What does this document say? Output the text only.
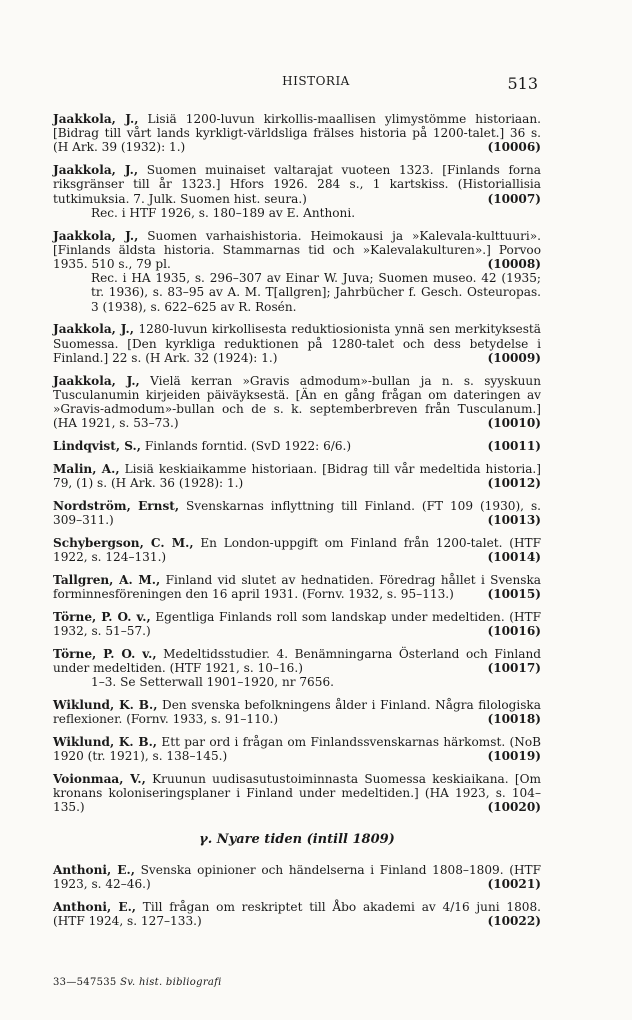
HISTORIA	513
Jaakkola, J., Lisiä 1200-luvun kirkollis-maallisen ylimystömme historiaan. [Bidrag till vårt lands kyrkligt-världsliga frälses historia på 1200-talet.] 36 s. (H Ark. 39 (1932): 1.)	(10006)
Jaakkola, J., Suomen muinaiset valtarajat vuoteen 1323. [Finlands forna riksgränser till år 1323.] Hfors 1926. 284 s., 1 kartskiss. (Historiallisia tutkimuksia. 7. Julk. Suomen hist. seura.)	(10007)
Rec. i HTF 1926, s. 180–189 av E. Anthoni.
Jaakkola, J., Suomen varhaishistoria. Heimokausi ja »Kalevala-kulttuuri». [Finlands äldsta historia. Stammarnas tid och »Kalevalakulturen».] Porvoo 1935. 510 s., 79 pl.	(10008)
Rec. i HA 1935, s. 296–307 av Einar W. Juva; Suomen museo. 42 (1935; tr. 1936), s. 83–95 av A. M. T[allgren]; Jahrbücher f. Gesch. Osteuropas. 3 (1938), s. 622–625 av R. Rosén.
Jaakkola, J., 1280-luvun kirkollisesta reduktiosionista ynnä sen merkityksestä Suomessa. [Den kyrkliga reduktionen på 1280-talet och dess betydelse i Finland.] 22 s. (H Ark. 32 (1924): 1.)	(10009)
Jaakkola, J., Vielä kerran »Gravis admodum»-bullan ja n. s. syyskuun Tusculanumin kirjeiden päiväyksestä. [Än en gång frågan om dateringen av »Gravis-admodum»-bullan och de s. k. septemberbreven från Tusculanum.] (HA 1921, s. 53–73.)	(10010)
Lindqvist, S., Finlands forntid. (SvD 1922: 6/6.)	(10011)
Malin, A., Lisiä keskiaikamme historiaan. [Bidrag till vår medeltida historia.] 79, (1) s. (H Ark. 36 (1928): 1.)	(10012)
Nordström, Ernst, Svenskarnas inflyttning till Finland. (FT 109 (1930), s. 309–311.)	(10013)
Schybergson, C. M., En London-uppgift om Finland från 1200-talet. (HTF 1922, s. 124–131.)	(10014)
Tallgren, A. M., Finland vid slutet av hednatiden. Föredrag hållet i Svenska forminnesföreningen den 16 april 1931. (Fornv. 1932, s. 95–113.)	(10015)
Törne, P. O. v., Egentliga Finlands roll som landskap under medeltiden. (HTF 1932, s. 51–57.)	(10016)
Törne, P. O. v., Medeltidsstudier. 4. Benämningarna Österland och Finland under medeltiden. (HTF 1921, s. 10–16.)	(10017)
1–3. Se Setterwall 1901–1920, nr 7656.
Wiklund, K. B., Den svenska befolkningens ålder i Finland. Några filologiska reflexioner. (Fornv. 1933, s. 91–110.)	(10018)
Wiklund, K. B., Ett par ord i frågan om Finlandssvenskarnas härkomst. (NoB 1920 (tr. 1921), s. 138–145.)	(10019)
Voionmaa, V., Kruunun uudisasutustoiminnasta Suomessa keskiaikana. [Om kronans koloniseringsplaner i Finland under medeltiden.] (HA 1923, s. 104–135.)	(10020)
γ. Nyare tiden (intill 1809)
Anthoni, E., Svenska opinioner och händelserna i Finland 1808–1809. (HTF 1923, s. 42–46.)	(10021)
Anthoni, E., Till frågan om reskriptet till Åbo akademi av 4/16 juni 1808. (HTF 1924, s. 127–133.)	(10022)
33—547535 Sv. hist. bibliografi
